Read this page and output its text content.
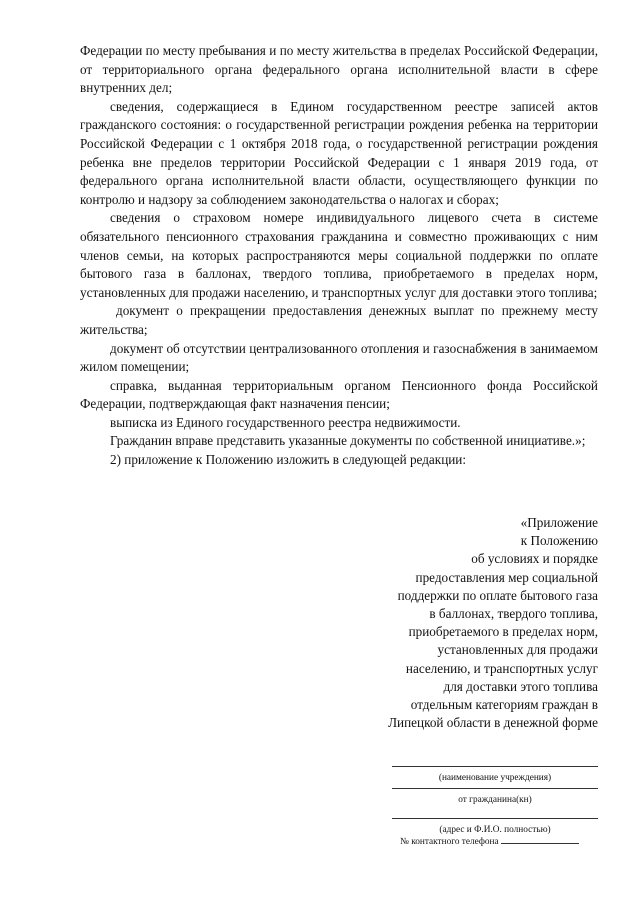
Федерации по месту пребывания и по месту жительства в пределах Российской Федерации, от территориального органа федерального органа исполнительной власти в сфере внутренних дел;

сведения, содержащиеся в Едином государственном реестре записей актов гражданского состояния: о государственной регистрации рождения ребенка на территории Российской Федерации с 1 октября 2018 года, о государственной регистрации рождения ребенка вне пределов территории Российской Федерации с 1 января 2019 года, от федерального органа исполнительной власти области, осуществляющего функции по контролю и надзору за соблюдением законодательства о налогах и сборах;

сведения о страховом номере индивидуального лицевого счета в системе обязательного пенсионного страхования гражданина и совместно проживающих с ним членов семьи, на которых распространяются меры социальной поддержки по оплате бытового газа в баллонах, твердого топлива, приобретаемого в пределах норм, установленных для продажи населению, и транспортных услуг для доставки этого топлива;

документ о прекращении предоставления денежных выплат по прежнему месту жительства;

документ об отсутствии централизованного отопления и газоснабжения в занимаемом жилом помещении;

справка, выданная территориальным органом Пенсионного фонда Российской Федерации, подтверждающая факт назначения пенсии;

выписка из Единого государственного реестра недвижимости.

Гражданин вправе представить указанные документы по собственной инициативе.»;

2) приложение к Положению изложить в следующей редакции:

«Приложение
к Положению
об условиях и порядке
предоставления мер социальной
поддержки по оплате бытового газа
в баллонах, твердого топлива,
приобретаемого в пределах норм,
установленных для продажи
населению, и транспортных услуг
для доставки этого топлива
отдельным категориям граждан в
Липецкой области в денежной форме
(наименование учреждения)
от гражданина(кн)
(адрес и Ф.И.О. полностью)
№ контактного телефона
